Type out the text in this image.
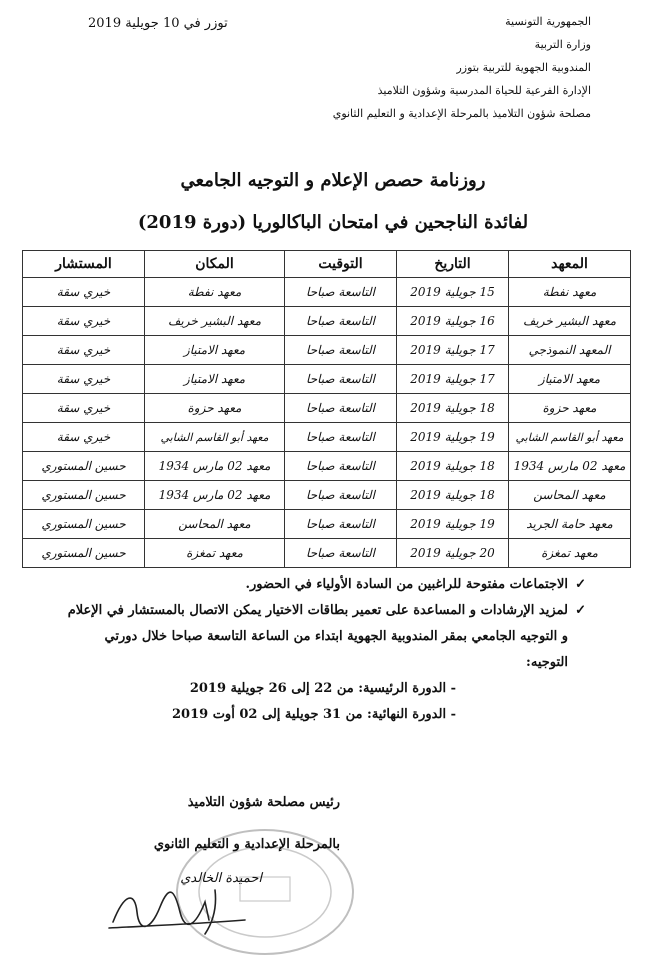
الجمهورية التونسية
وزارة التربية
المندوبية الجهوية للتربية بتوزر
الإدارة الفرعية للحياة المدرسية وشؤون التلاميذ
مصلحة شؤون التلاميذ بالمرحلة الإعدادية و التعليم الثانوي
توزر في 10 جويلية 2019
روزنامة حصص الإعلام و التوجيه الجامعي
لفائدة الناجحين في امتحان الباكالوريا (دورة 2019)
المعهد	التاريخ	التوقيت	المكان	المستشار
معهد نفطة	15 جويلية 2019	التاسعة صباحا	معهد نفطة	خيري سقة
معهد البشير خريف	16 جويلية 2019	التاسعة صباحا	معهد البشير خريف	خيري سقة
المعهد النموذجي	17 جويلية 2019	التاسعة صباحا	معهد الامتياز	خيري سقة
معهد الامتياز	17 جويلية 2019	التاسعة صباحا	معهد الامتياز	خيري سقة
معهد حزوة	18 جويلية 2019	التاسعة صباحا	معهد حزوة	خيري سقة
معهد أبو القاسم الشابي	19 جويلية 2019	التاسعة صباحا	معهد أبو القاسم الشابي	خيري سقة
معهد 02 مارس 1934	18 جويلية 2019	التاسعة صباحا	معهد 02 مارس 1934	حسين المستوري
معهد المحاسن	18 جويلية 2019	التاسعة صباحا	معهد 02 مارس 1934	حسين المستوري
معهد حامة الجريد	19 جويلية 2019	التاسعة صباحا	معهد المحاسن	حسين المستوري
معهد تمغزة	20 جويلية 2019	التاسعة صباحا	معهد تمغزة	حسين المستوري
✓الاجتماعات مفتوحة للراغبين من السادة الأولياء في الحضور.
✓لمزيد الإرشادات و المساعدة على تعمير بطاقات الاختيار يمكن الاتصال بالمستشار في الإعلام
و التوجيه الجامعي بمقر المندوبية الجهوية ابتداء من الساعة التاسعة صباحا خلال دورتي
التوجيه:
- الدورة الرئيسية: من 22 إلى 26 جويلية 2019
- الدورة النهائية: من 31 جويلية إلى 02 أوت 2019
رئيس مصلحة شؤون التلاميذ
بالمرحلة الإعدادية و التعليم الثانوي
احميدة الخالدي
